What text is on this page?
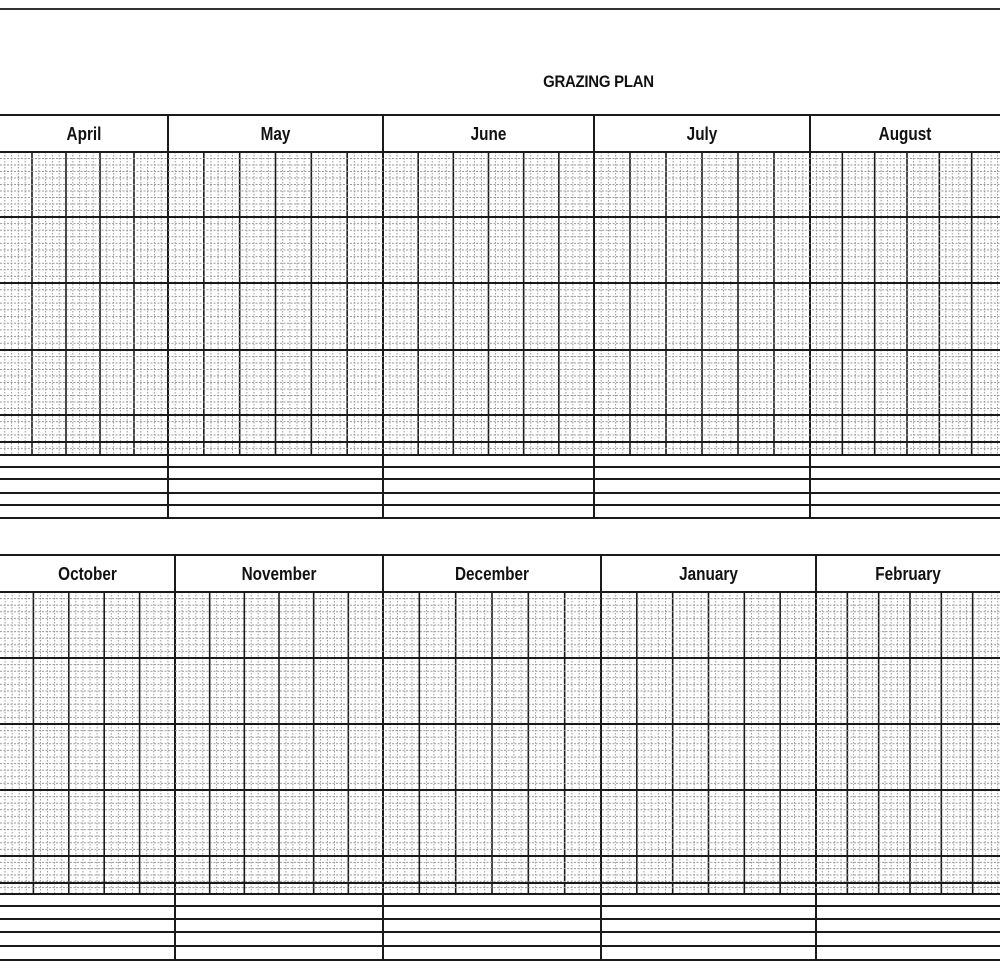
GRAZING PLAN
April	May	June	July	August
October	November	December	January	February
